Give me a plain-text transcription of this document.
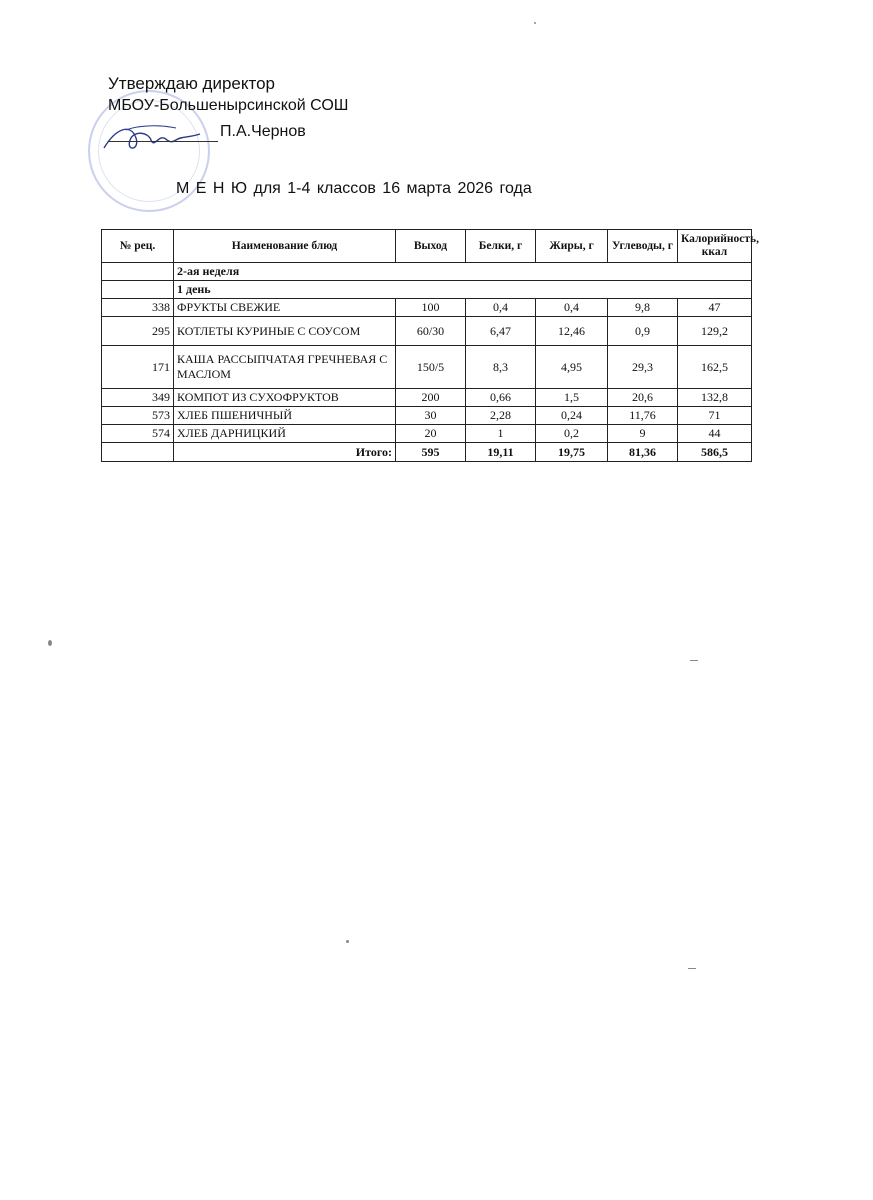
Утверждаю директор
МБОУ-Большенырсинской СОШ
П.А.Чернов
М Е Н Ю для 1-4 классов 16 марта 2026 года
№ рец.	Наименование блюд	Выход	Белки, г	Жиры, г	Углеводы, г	Калорийность, ккал
	2-ая неделя					
	1 день					
338	ФРУКТЫ СВЕЖИЕ	100	0,4	0,4	9,8	47
295	КОТЛЕТЫ КУРИНЫЕ С СОУСОМ	60/30	6,47	12,46	0,9	129,2
171	КАША РАССЫПЧАТАЯ ГРЕЧНЕВАЯ С МАСЛОМ	150/5	8,3	4,95	29,3	162,5
349	КОМПОТ ИЗ СУХОФРУКТОВ	200	0,66	1,5	20,6	132,8
573	ХЛЕБ ПШЕНИЧНЫЙ	30	2,28	0,24	11,76	71
574	ХЛЕБ ДАРНИЦКИЙ	20	1	0,2	9	44
	Итого:	595	19,11	19,75	81,36	586,5
